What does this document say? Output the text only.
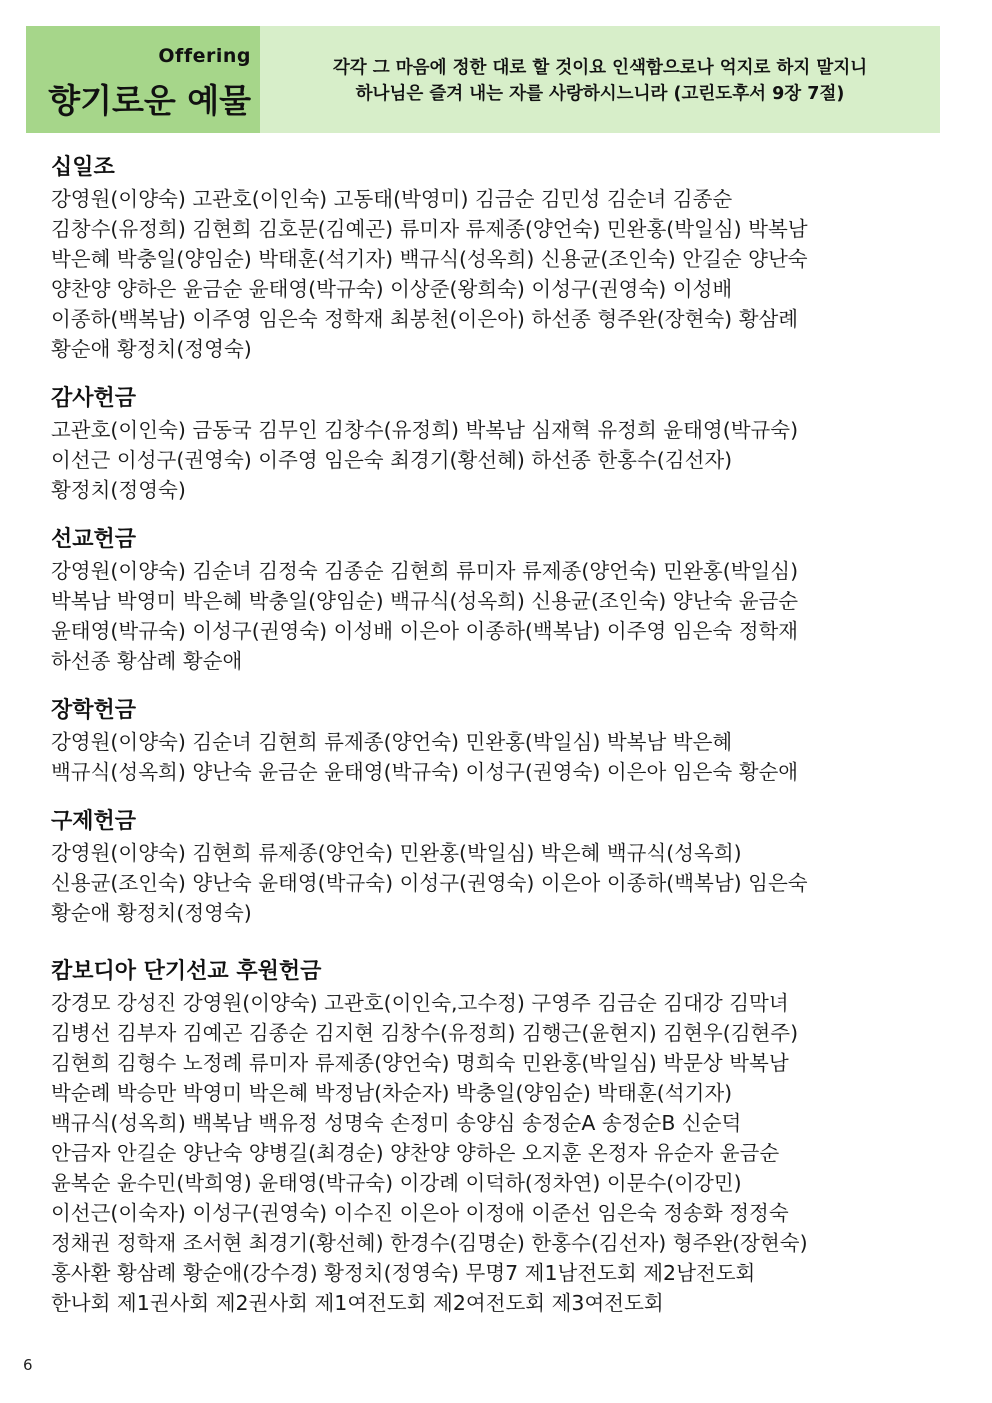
Offering
향기로운 예물
각각 그 마음에 정한 대로 할 것이요 인색함으로나 억지로 하지 말지니
하나님은 즐겨 내는 자를 사랑하시느니라 (고린도후서 9장 7절)
십일조
강영원(이양숙) 고관호(이인숙) 고동태(박영미) 김금순 김민성 김순녀 김종순
김창수(유정희) 김현희 김호문(김예곤) 류미자 류제종(양언숙) 민완홍(박일심) 박복남
박은혜 박충일(양임순) 박태훈(석기자) 백규식(성옥희) 신용균(조인숙) 안길순 양난숙
양찬양 양하은 윤금순 윤태영(박규숙) 이상준(왕희숙) 이성구(권영숙) 이성배
이종하(백복남) 이주영 임은숙 정학재 최봉천(이은아) 하선종 형주완(장현숙) 황삼례
황순애 황정치(정영숙)
감사헌금
고관호(이인숙) 금동국 김무인 김창수(유정희) 박복남 심재혁 유정희 윤태영(박규숙)
이선근 이성구(권영숙) 이주영 임은숙 최경기(황선혜) 하선종 한홍수(김선자)
황정치(정영숙)
선교헌금
강영원(이양숙) 김순녀 김정숙 김종순 김현희 류미자 류제종(양언숙) 민완홍(박일심)
박복남 박영미 박은혜 박충일(양임순) 백규식(성옥희) 신용균(조인숙) 양난숙 윤금순
윤태영(박규숙) 이성구(권영숙) 이성배 이은아 이종하(백복남) 이주영 임은숙 정학재
하선종 황삼례 황순애
장학헌금
강영원(이양숙) 김순녀 김현희 류제종(양언숙) 민완홍(박일심) 박복남 박은혜
백규식(성옥희) 양난숙 윤금순 윤태영(박규숙) 이성구(권영숙) 이은아 임은숙 황순애
구제헌금
강영원(이양숙) 김현희 류제종(양언숙) 민완홍(박일심) 박은혜 백규식(성옥희)
신용균(조인숙) 양난숙 윤태영(박규숙) 이성구(권영숙) 이은아 이종하(백복남) 임은숙
황순애 황정치(정영숙)
캄보디아 단기선교 후원헌금
강경모 강성진 강영원(이양숙) 고관호(이인숙,고수정) 구영주 김금순 김대강 김막녀
김병선 김부자 김예곤 김종순 김지현 김창수(유정희) 김행근(윤현지) 김현우(김현주)
김현희 김형수 노정례 류미자 류제종(양언숙) 명희숙 민완홍(박일심) 박문상 박복남
박순례 박승만 박영미 박은혜 박정남(차순자) 박충일(양임순) 박태훈(석기자)
백규식(성옥희) 백복남 백유정 성명숙 손정미 송양심 송정순A 송정순B 신순덕
안금자 안길순 양난숙 양병길(최경순) 양찬양 양하은 오지훈 온정자 유순자 윤금순
윤복순 윤수민(박희영) 윤태영(박규숙) 이강례 이덕하(정차연) 이문수(이강민)
이선근(이숙자) 이성구(권영숙) 이수진 이은아 이정애 이준선 임은숙 정송화 정정숙
정채권 정학재 조서현 최경기(황선혜) 한경수(김명순) 한홍수(김선자) 형주완(장현숙)
홍사환 황삼례 황순애(강수경) 황정치(정영숙) 무명7 제1남전도회 제2남전도회
한나회 제1권사회 제2권사회 제1여전도회 제2여전도회 제3여전도회
6
